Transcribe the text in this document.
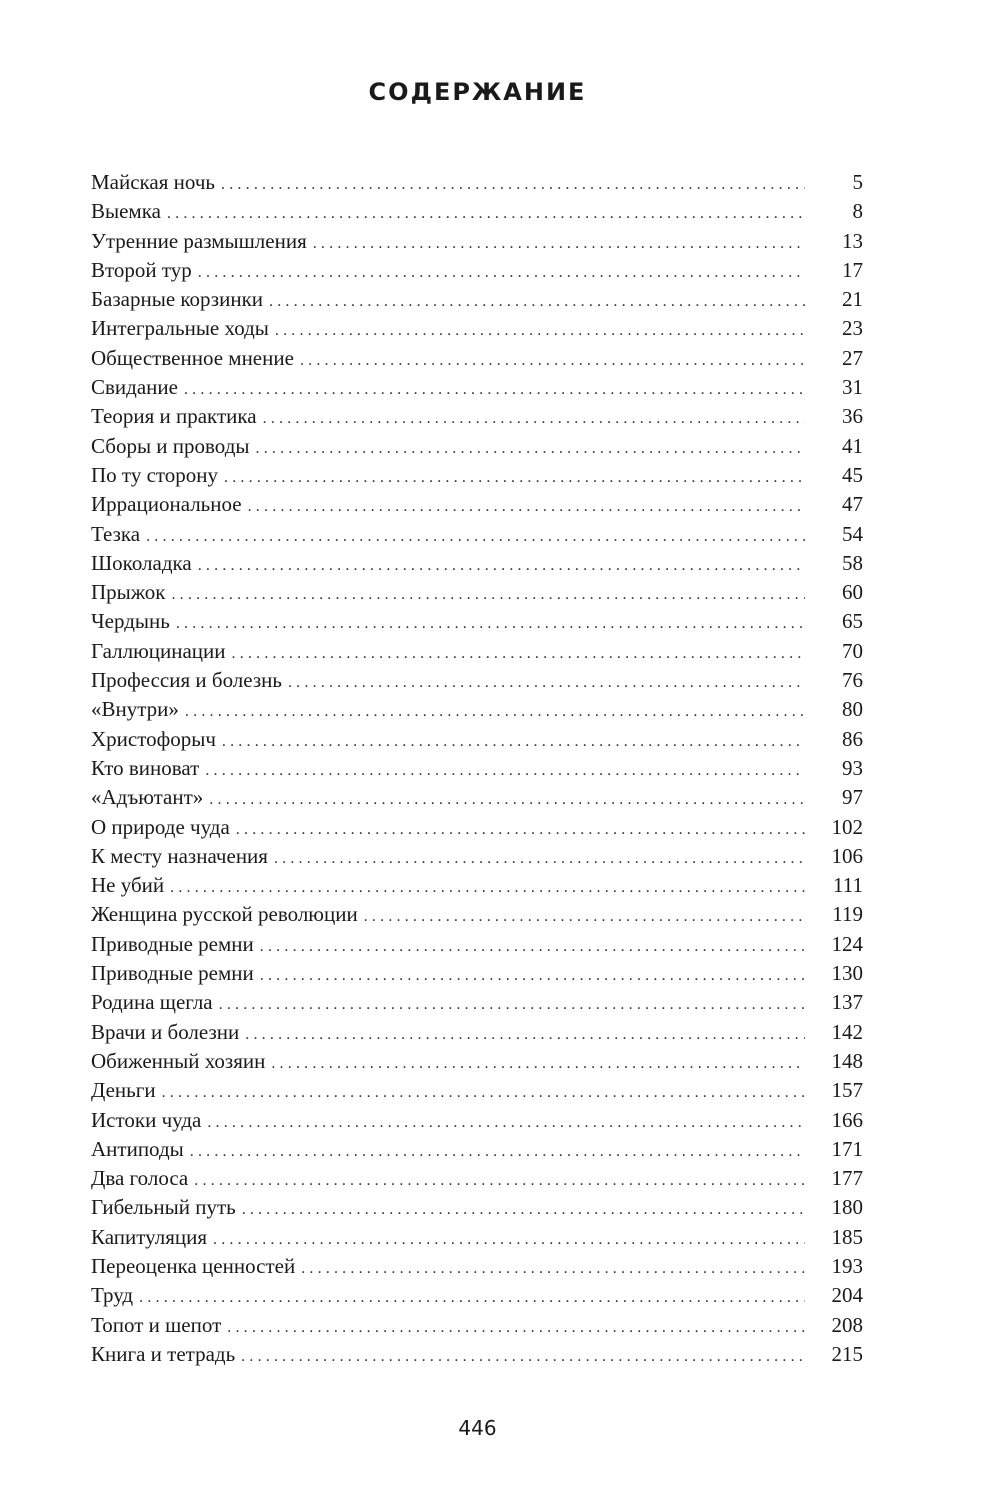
СОДЕРЖАНИЕ
Майская ночь .....	5
Выемка .....	8
Утренние размышления .....	13
Второй тур .....	17
Базарные корзинки .....	21
Интегральные ходы .....	23
Общественное мнение .....	27
Свидание .....	31
Теория и практика .....	36
Сборы и проводы .....	41
По ту сторону .....	45
Иррациональное .....	47
Тезка .....	54
Шоколадка .....	58
Прыжок .....	60
Чердынь .....	65
Галлюцинации .....	70
Профессия и болезнь .....	76
«Внутри» .....	80
Христофорыч .....	86
Кто виноват .....	93
«Адъютант» .....	97
О природе чуда .....	102
К месту назначения .....	106
Не убий .....	111
Женщина русской революции .....	119
Приводные ремни .....	124
Приводные ремни .....	130
Родина щегла .....	137
Врачи и болезни .....	142
Обиженный хозяин .....	148
Деньги .....	157
Истоки чуда .....	166
Антиподы .....	171
Два голоса .....	177
Гибельный путь .....	180
Капитуляция .....	185
Переоценка ценностей .....	193
Труд .....	204
Топот и шепот .....	208
Книга и тетрадь .....	215
446
